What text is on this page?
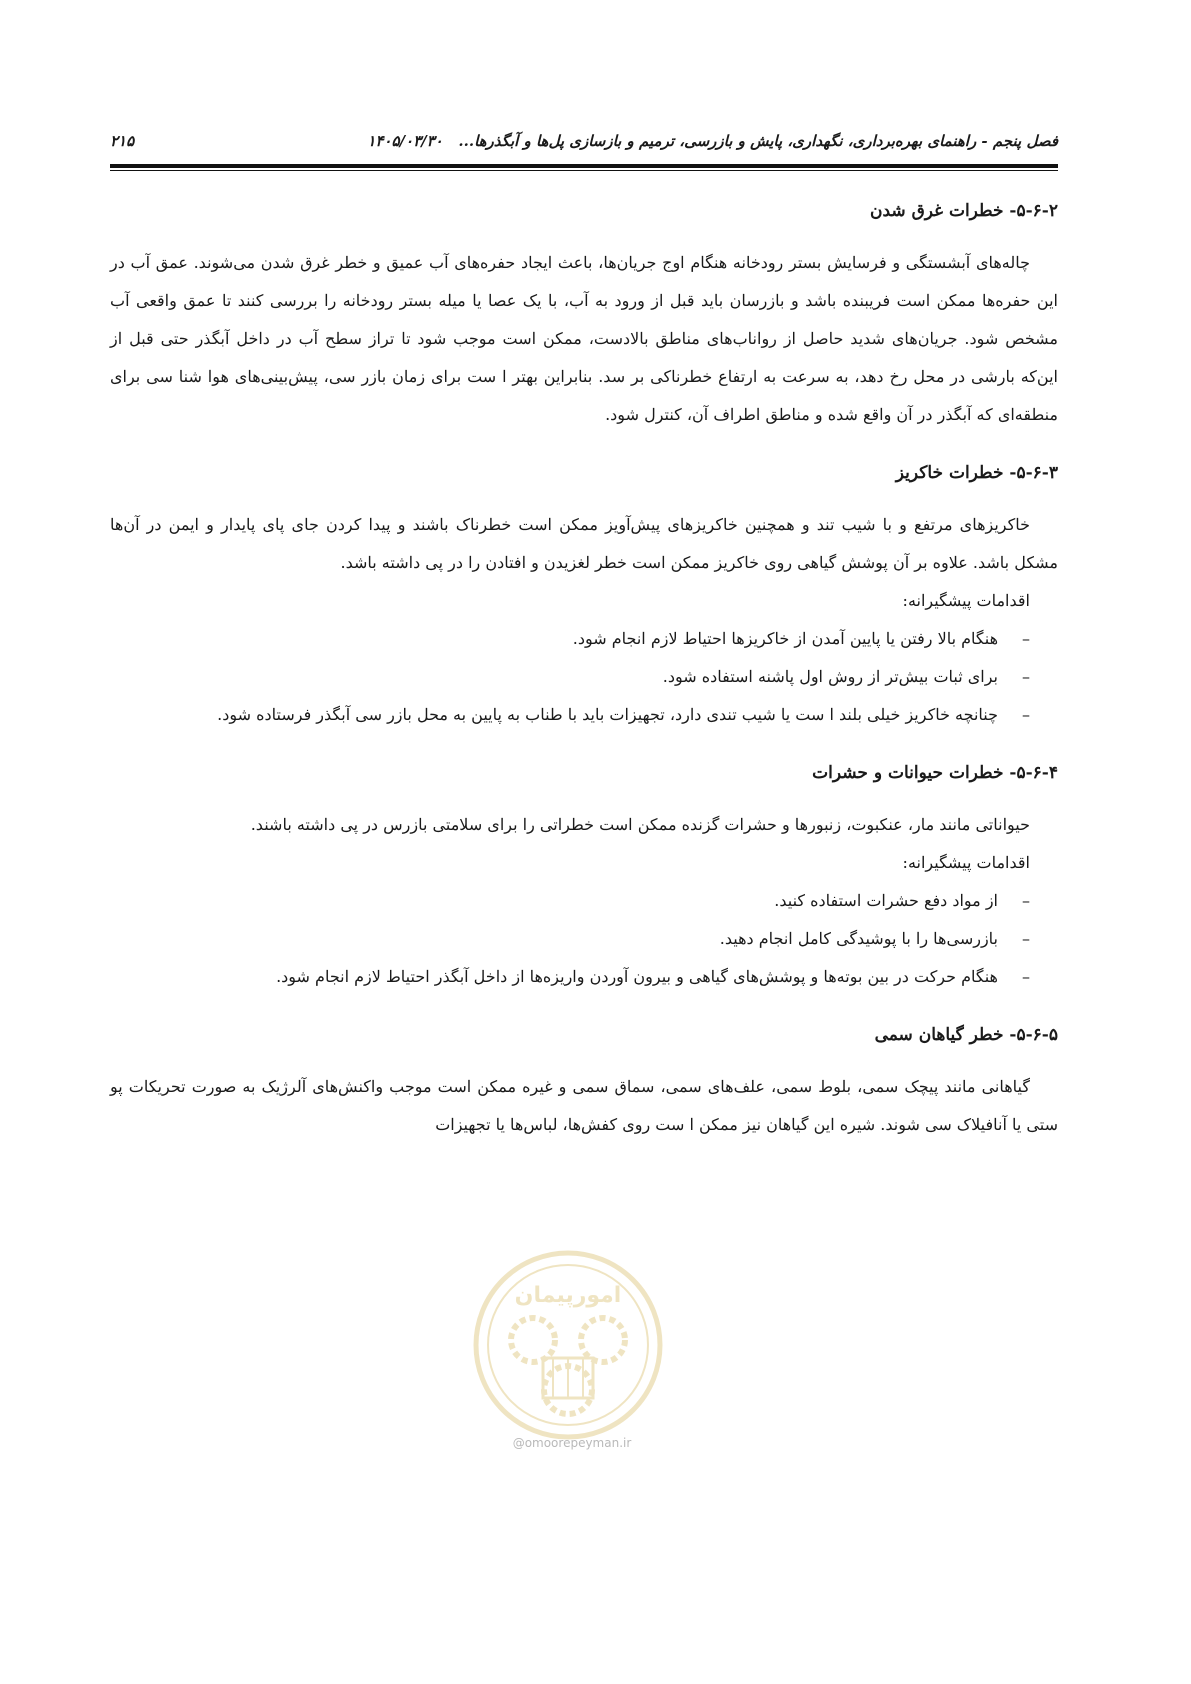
فصل پنجم - راهنمای بهره‌برداری، نگهداری، پایش و بازرسی، ترمیم و بازسازی پل‌ها و آبگذرها...   ۱۴۰۵/۰۳/۳۰
۲۱۵
۵-۶-۲- خطرات غرق شدن

چاله‌های آبشستگی و فرسایش بستر رودخانه هنگام اوج جریان‌ها، باعث ایجاد حفره‌های آب عمیق و خطر غرق شدن می‌شوند. عمق آب در این حفره‌ها ممکن است فریبنده باشد و بازرسان باید قبل از ورود به آب، با یک عصا یا میله بستر رودخانه را بررسی کنند تا عمق واقعی آب مشخص شود. جریان‌های شدید حاصل از رواناب‌های مناطق بالادست، ممکن است موجب شود تا تراز سطح آب در داخل آبگذر حتی قبل از این‌که بارشی در محل رخ دهد، به سرعت به ارتفاع خطرناکی بر سد. بنابراین بهتر ا ست برای زمان بازر سی، پیش‌بینی‌های هوا شنا سی برای منطقه‌ای که آبگذر در آن واقع شده و مناطق اطراف آن، کنترل شود.

۵-۶-۳- خطرات خاکریز

خاکریزهای مرتفع و با شیب تند و همچنین خاکریزهای پیش‌آویز ممکن است خطرناک باشند و پیدا کردن جای پای پایدار و ایمن در آن‌ها مشکل باشد. علاوه بر آن پوشش گیاهی روی خاکریز ممکن است خطر لغزیدن و افتادن را در پی داشته باشد.

اقدامات پیشگیرانه:

–
هنگام بالا رفتن یا پایین آمدن از خاکریزها احتیاط لازم انجام شود.
–
برای ثبات بیش‌تر از روش اول پاشنه استفاده شود.
–
چنانچه خاکریز خیلی بلند ا ست یا شیب تندی دارد، تجهیزات باید با طناب به پایین به محل بازر سی آبگذر فرستاده شود.
۵-۶-۴- خطرات حیوانات و حشرات

حیواناتی مانند مار، عنکبوت، زنبورها و حشرات گزنده ممکن است خطراتی را برای سلامتی بازرس در پی داشته باشند.

اقدامات پیشگیرانه:

–
از مواد دفع حشرات استفاده کنید.
–
بازرسی‌ها را با پوشیدگی کامل انجام دهید.
–
هنگام حرکت در بین بوته‌ها و پوشش‌های گیاهی و بیرون آوردن واریزه‌ها از داخل آبگذر احتیاط لازم انجام شود.
۵-۶-۵- خطر گیاهان سمی

گیاهانی مانند پیچک سمی، بلوط سمی، علف‌های سمی، سماق سمی و غیره ممکن است موجب واکنش‌های آلرژیک به صورت تحریکات پو ستی یا آنافیلاک سی شوند. شیره این گیاهان نیز ممکن ا ست روی کفش‌ها، لباس‌ها یا تجهیزات

امورپیمان
@omoorepeyman.ir
